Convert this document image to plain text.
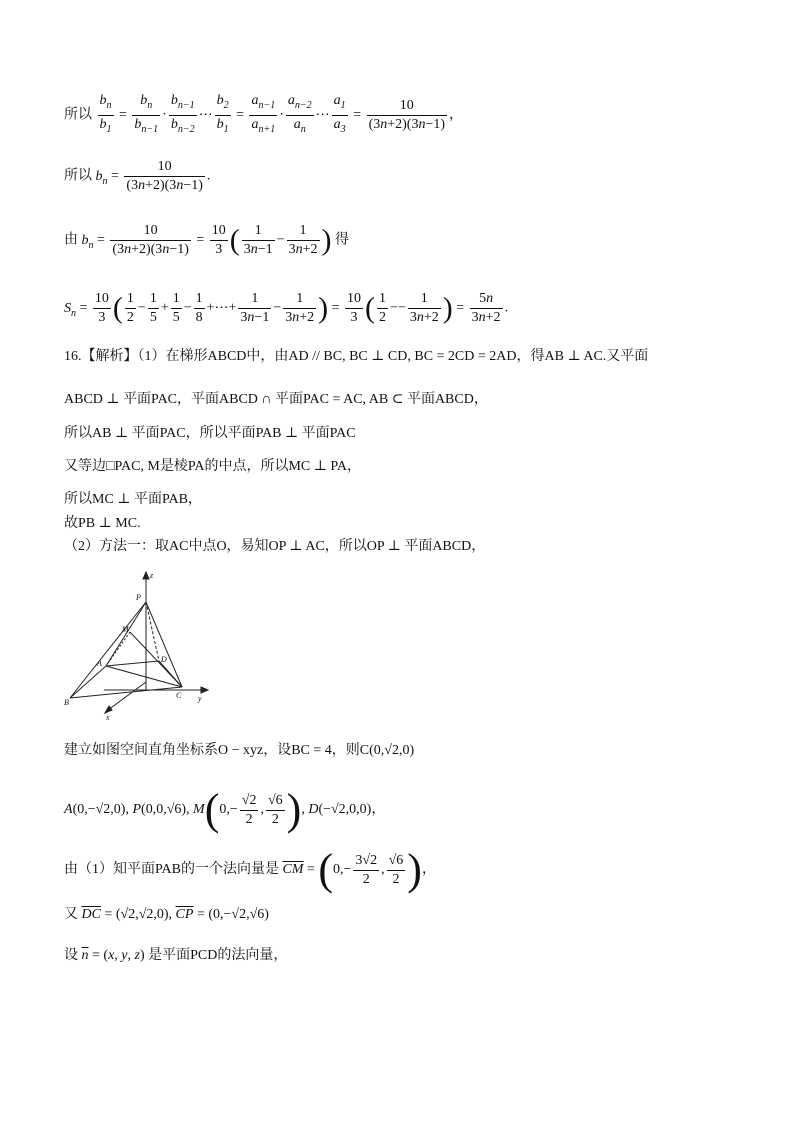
所以 $\frac{b_n}{b_1} = \frac{b_n}{b_{n-1}} \cdot \frac{b_{n-1}}{b_{n-2}}$ ⋯ $\frac{b_2}{b_1} = \frac{a_{n-1}}{a_{n+1}} \cdot \frac{a_{n-2}}{a_n}$ ⋯ $\frac{a_1}{a_3} = \frac{10}{(3n+2)(3n-1)}$ ，
所以 $b_n = \frac{10}{(3n+2)(3n-1)}$ .
由 $b_n = \frac{10}{(3n+2)(3n-1)} = \frac{10}{3}$ ( $\frac{1}{3n-1} - \frac{1}{3n+2}$ ) 得
$S_n = \frac{10}{3}$ ( $\frac{1}{2} - \frac{1}{5} + \frac{1}{5} - \frac{1}{8}$ +⋯+ $\frac{1}{3n-1} - \frac{1}{3n+2}$ ) = $\frac{10}{3}$ ( $\frac{1}{2} -- \frac{1}{3n+2}$ ) = $\frac{5n}{3n+2}$ .
16.【解析】（1）在梯形ABCD中，由AD // BC, BC ⊥ CD, BC = 2CD = 2AD，得AB ⊥ AC.又平面
ABCD ⊥ 平面PAC，平面ABCD ∩ 平面PAC = AC, AB ⊂ 平面ABCD，
所以AB ⊥ 平面PAC，所以平面PAB ⊥ 平面PAC
又等边□PAC, M是棱PA的中点，所以MC ⊥ PA，
所以MC ⊥ 平面PAB，
故PB ⊥ MC.
（2）方法一：取AC中点O，易知OP ⊥ AC，所以OP ⊥ 平面ABCD，
z
P
M
A	D
C
B
x
y
建立如图空间直角坐标系O − xyz，设BC = 4，则C(0,√2,0)
A(0,−√2,0), P(0,0,√6), $M(0,- \frac{√2}{2}$ , $\frac{√6}{2}$ ), D(−√2,0,0)，
由（1）知平面PAB的一个法向量是 $\overline{CM} = (0,- \frac{3√2}{2}$ , $\frac{√6}{2}$ )，
又 $\overline{DC} = (√2,√2,0)$, $\overline{CP} = (0,-√2,√6)$
设 $\overline{n} = (x$, y, z) 是平面PCD的法向量，
